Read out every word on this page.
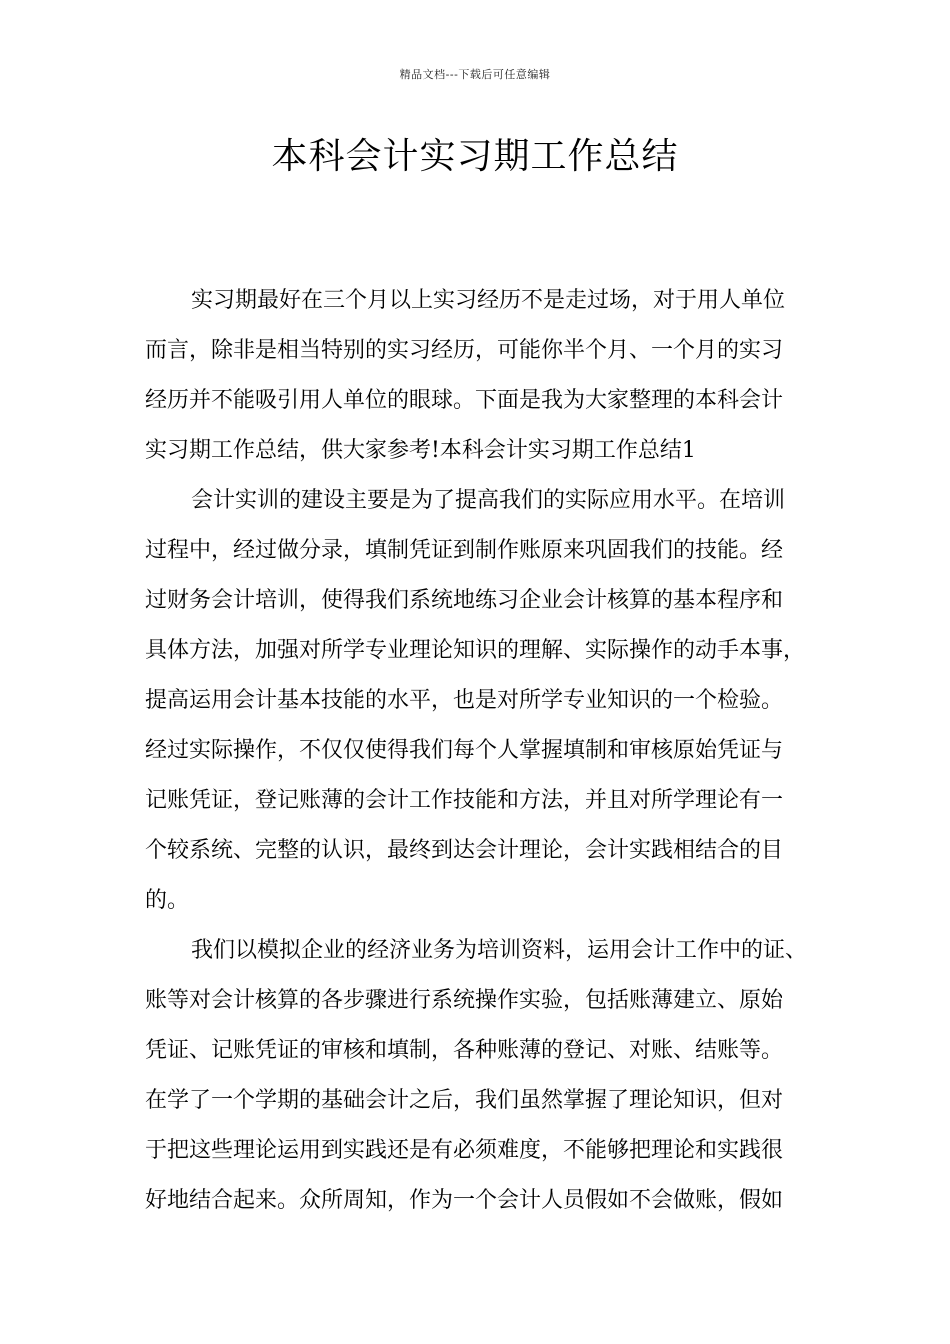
精品文档---下载后可任意编辑
本科会计实习期工作总结
实习期最好在三个月以上实习经历不是走过场，对于用人单位
而言，除非是相当特别的实习经历，可能你半个月、一个月的实习
经历并不能吸引用人单位的眼球。下面是我为大家整理的本科会计
实习期工作总结，供大家参考!本科会计实习期工作总结1
会计实训的建设主要是为了提高我们的实际应用水平。在培训
过程中，经过做分录，填制凭证到制作账原来巩固我们的技能。经
过财务会计培训，使得我们系统地练习企业会计核算的基本程序和
具体方法，加强对所学专业理论知识的理解、实际操作的动手本事，
提高运用会计基本技能的水平，也是对所学专业知识的一个检验。
经过实际操作，不仅仅使得我们每个人掌握填制和审核原始凭证与
记账凭证，登记账薄的会计工作技能和方法，并且对所学理论有一
个较系统、完整的认识，最终到达会计理论，会计实践相结合的目
的。
我们以模拟企业的经济业务为培训资料，运用会计工作中的证、
账等对会计核算的各步骤进行系统操作实验，包括账薄建立、原始
凭证、记账凭证的审核和填制，各种账薄的登记、对账、结账等。
在学了一个学期的基础会计之后，我们虽然掌握了理论知识，但对
于把这些理论运用到实践还是有必须难度，不能够把理论和实践很
好地结合起来。众所周知，作为一个会计人员假如不会做账，假如
